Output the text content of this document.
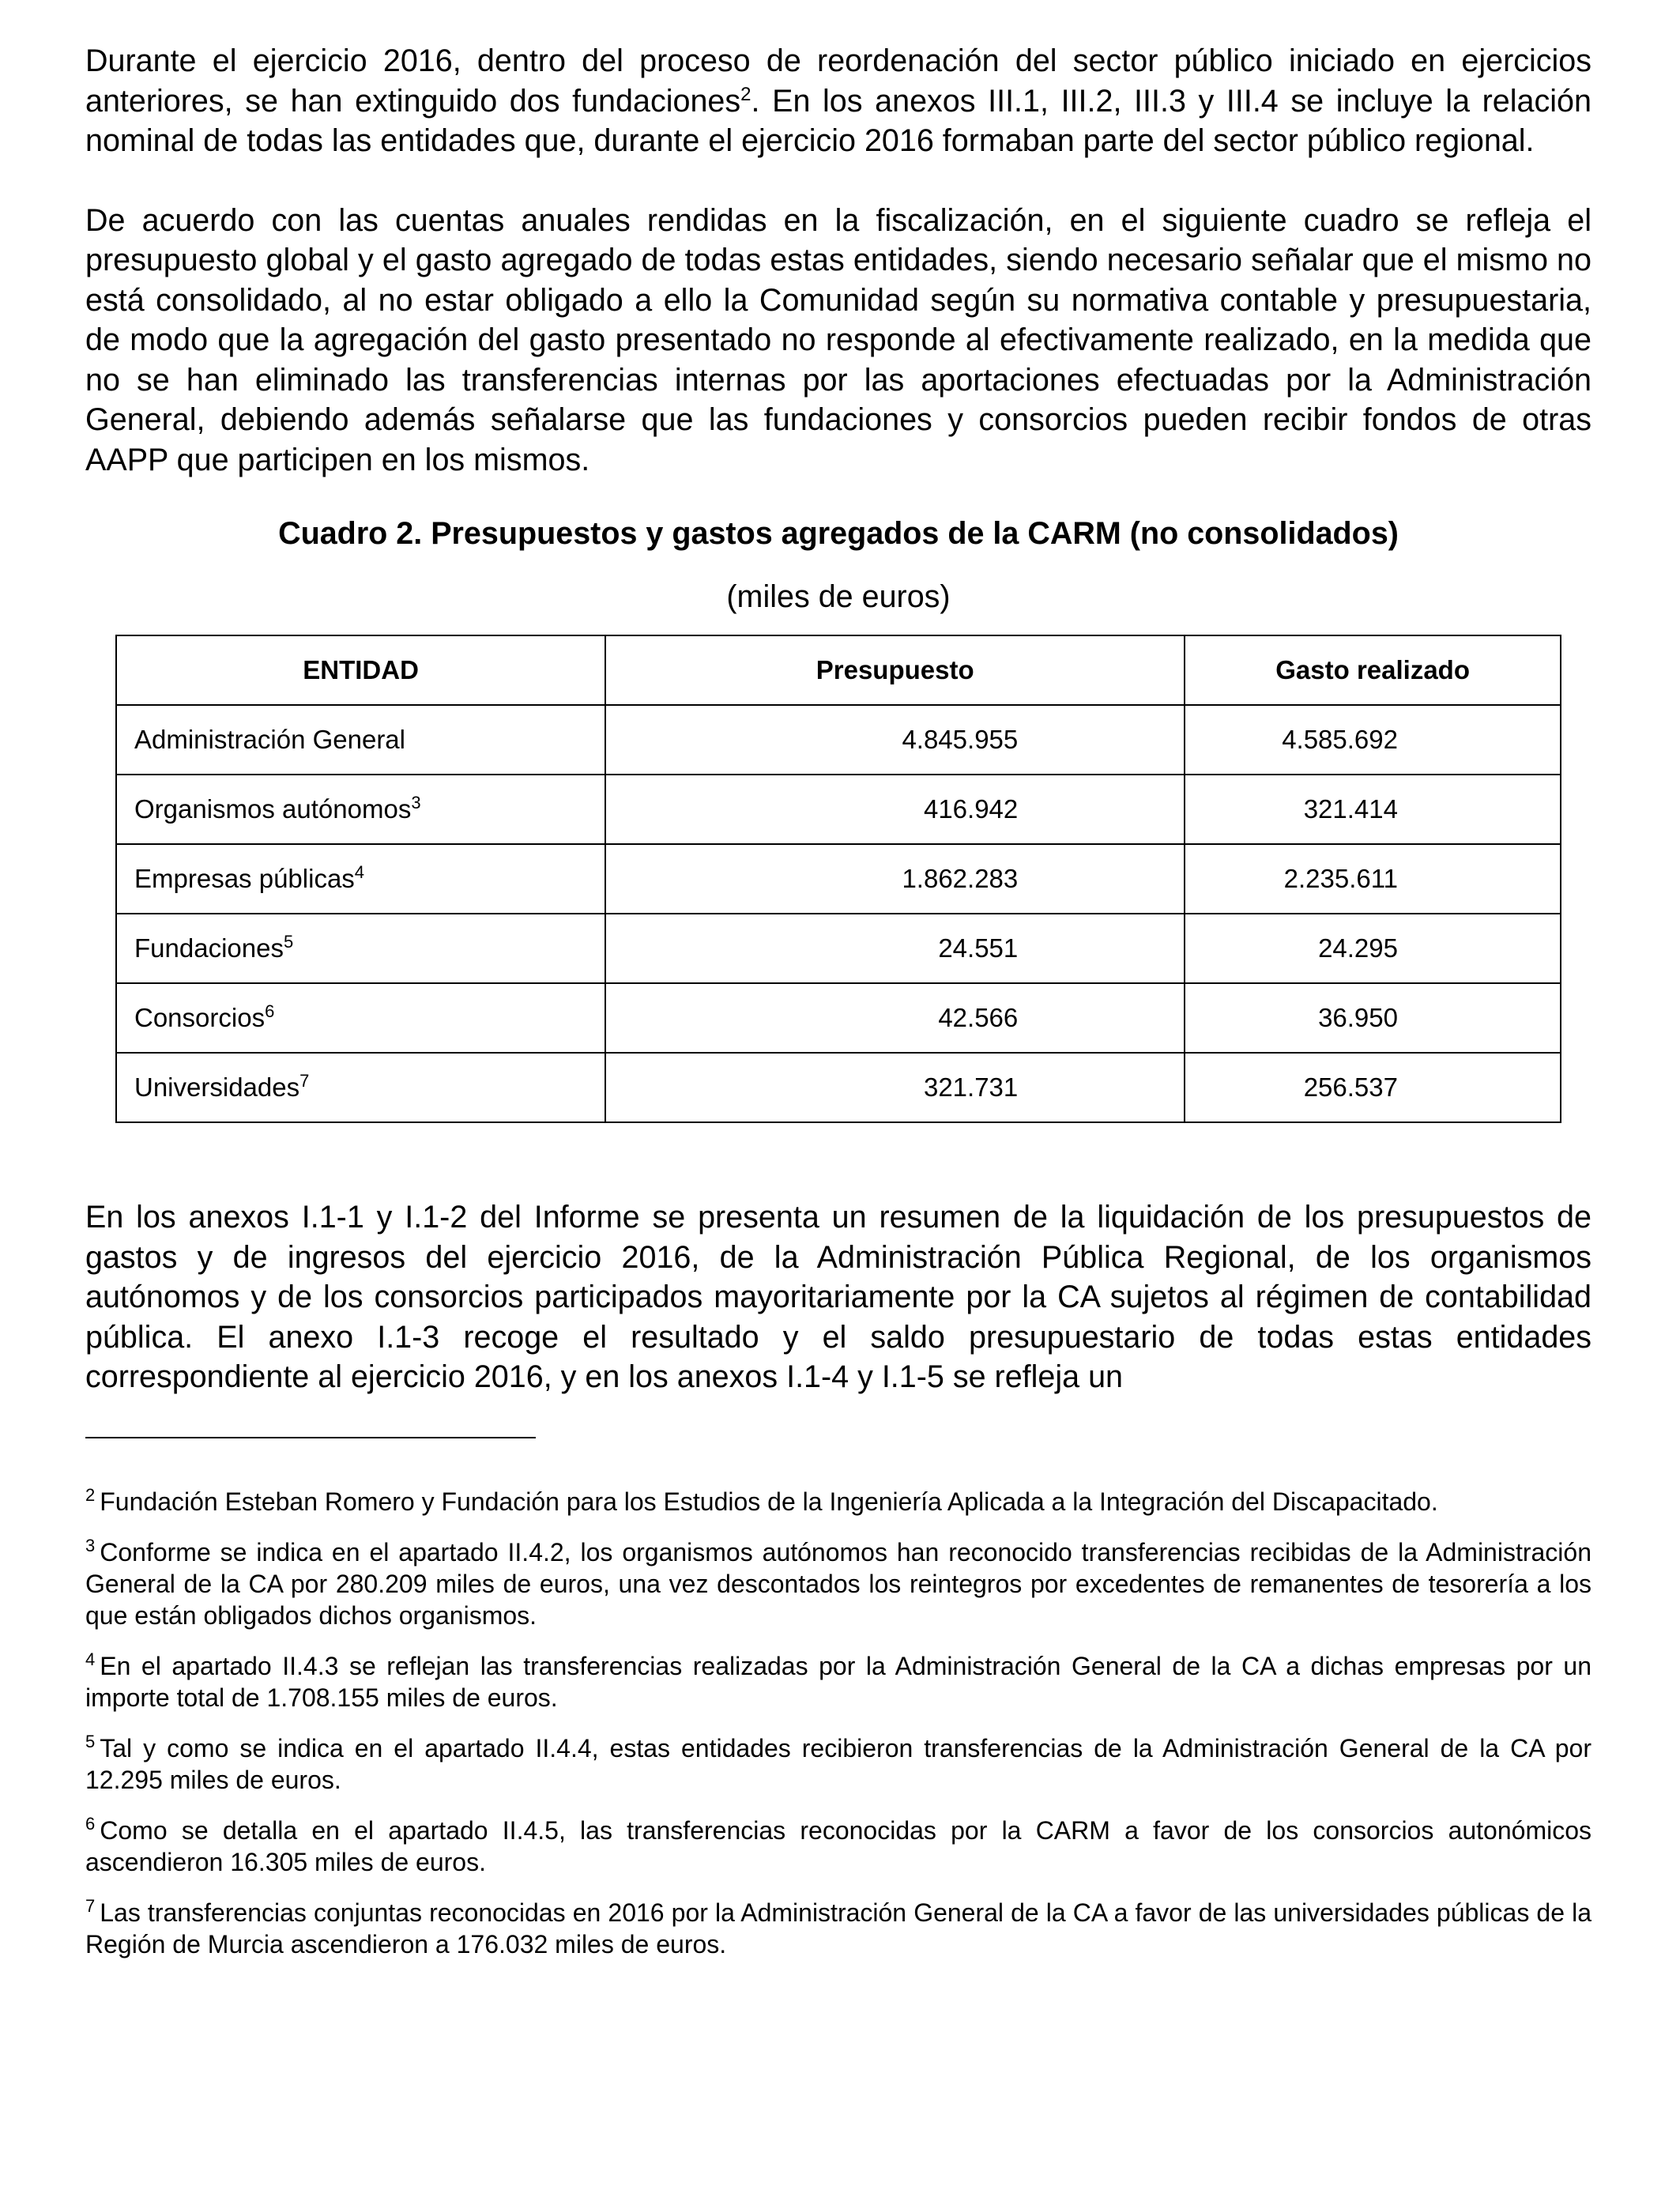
Durante el ejercicio 2016, dentro del proceso de reordenación del sector público iniciado en ejercicios anteriores, se han extinguido dos fundaciones$^2$. En los anexos III.1, III.2, III.3 y III.4 se incluye la relación nominal de todas las entidades que, durante el ejercicio 2016 formaban parte del sector público regional.

De acuerdo con las cuentas anuales rendidas en la fiscalización, en el siguiente cuadro se refleja el presupuesto global y el gasto agregado de todas estas entidades, siendo necesario señalar que el mismo no está consolidado, al no estar obligado a ello la Comunidad según su normativa contable y presupuestaria, de modo que la agregación del gasto presentado no responde al efectivamente realizado, en la medida que no se han eliminado las transferencias internas por las aportaciones efectuadas por la Administración General, debiendo además señalarse que las fundaciones y consorcios pueden recibir fondos de otras AAPP que participen en los mismos.

Cuadro 2. Presupuestos y gastos agregados de la CARM (no consolidados)
(miles de euros)
ENTIDAD	Presupuesto	Gasto realizado
Administración General	4.845.955	4.585.692
Organismos autónomos$^3$	416.942	321.414
Empresas públicas$^4$	1.862.283	2.235.611
Fundaciones$^5$	24.551	24.295
Consorcios$^6$	42.566	36.950
Universidades$^7$	321.731	256.537

En los anexos I.1-1 y I.1-2 del Informe se presenta un resumen de la liquidación de los presupuestos de gastos y de ingresos del ejercicio 2016, de la Administración Pública Regional, de los organismos autónomos y de los consorcios participados mayoritariamente por la CA sujetos al régimen de contabilidad pública. El anexo I.1-3 recoge el resultado y el saldo presupuestario de todas estas entidades correspondiente al ejercicio 2016, y en los anexos I.1-4 y I.1-5 se refleja un

$^2$ Fundación Esteban Romero y Fundación para los Estudios de la Ingeniería Aplicada a la Integración del Discapacitado.

$^3$ Conforme se indica en el apartado II.4.2, los organismos autónomos han reconocido transferencias recibidas de la Administración General de la CA por 280.209 miles de euros, una vez descontados los reintegros por excedentes de remanentes de tesorería a los que están obligados dichos organismos.

$^4$ En el apartado II.4.3 se reflejan las transferencias realizadas por la Administración General de la CA a dichas empresas por un importe total de 1.708.155 miles de euros.

$^5$ Tal y como se indica en el apartado II.4.4, estas entidades recibieron transferencias de la Administración General de la CA por 12.295 miles de euros.

$^6$ Como se detalla en el apartado II.4.5, las transferencias reconocidas por la CARM a favor de los consorcios autonómicos ascendieron 16.305 miles de euros.

$^7$ Las transferencias conjuntas reconocidas en 2016 por la Administración General de la CA a favor de las universidades públicas de la Región de Murcia ascendieron a 176.032 miles de euros.
